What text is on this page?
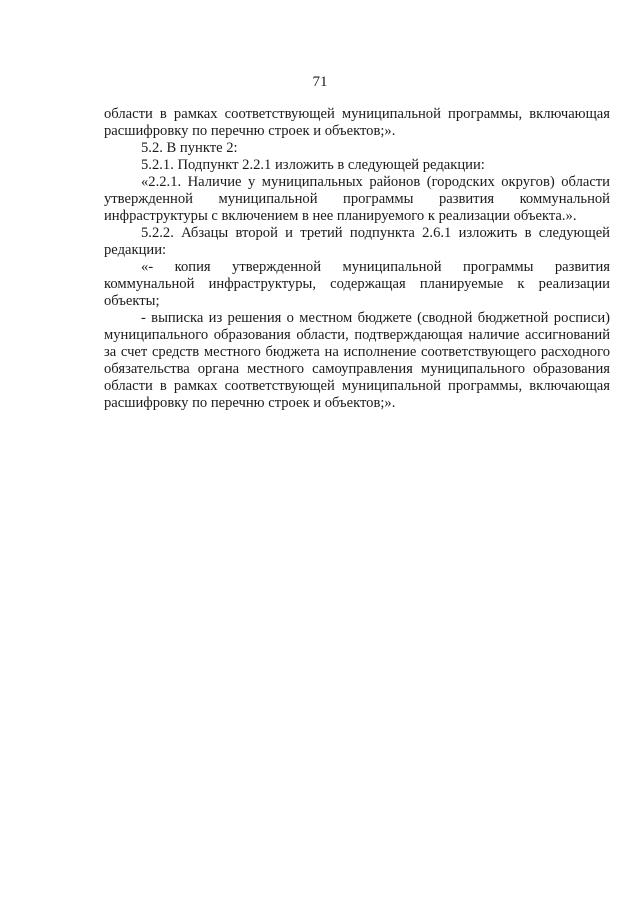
71

области в рамках соответствующей муниципальной программы, включающая расшифровку по перечню строек и объектов;».

5.2. В пункте 2:

5.2.1. Подпункт 2.2.1 изложить в следующей редакции:

«2.2.1. Наличие у муниципальных районов (городских округов) области утвержденной муниципальной программы развития коммунальной инфраструктуры с включением в нее планируемого к реализации объекта.».

5.2.2. Абзацы второй и третий подпункта 2.6.1 изложить в следующей редакции:

«- копия утвержденной муниципальной программы развития коммунальной инфраструктуры, содержащая планируемые к реализации объекты;

- выписка из решения о местном бюджете (сводной бюджетной росписи) муниципального образования области, подтверждающая наличие ассигнований за счет средств местного бюджета на исполнение соответствующего расходного обязательства органа местного самоуправления муниципального образования области в рамках соответствующей муниципальной программы, включающая расшифровку по перечню строек и объектов;».
